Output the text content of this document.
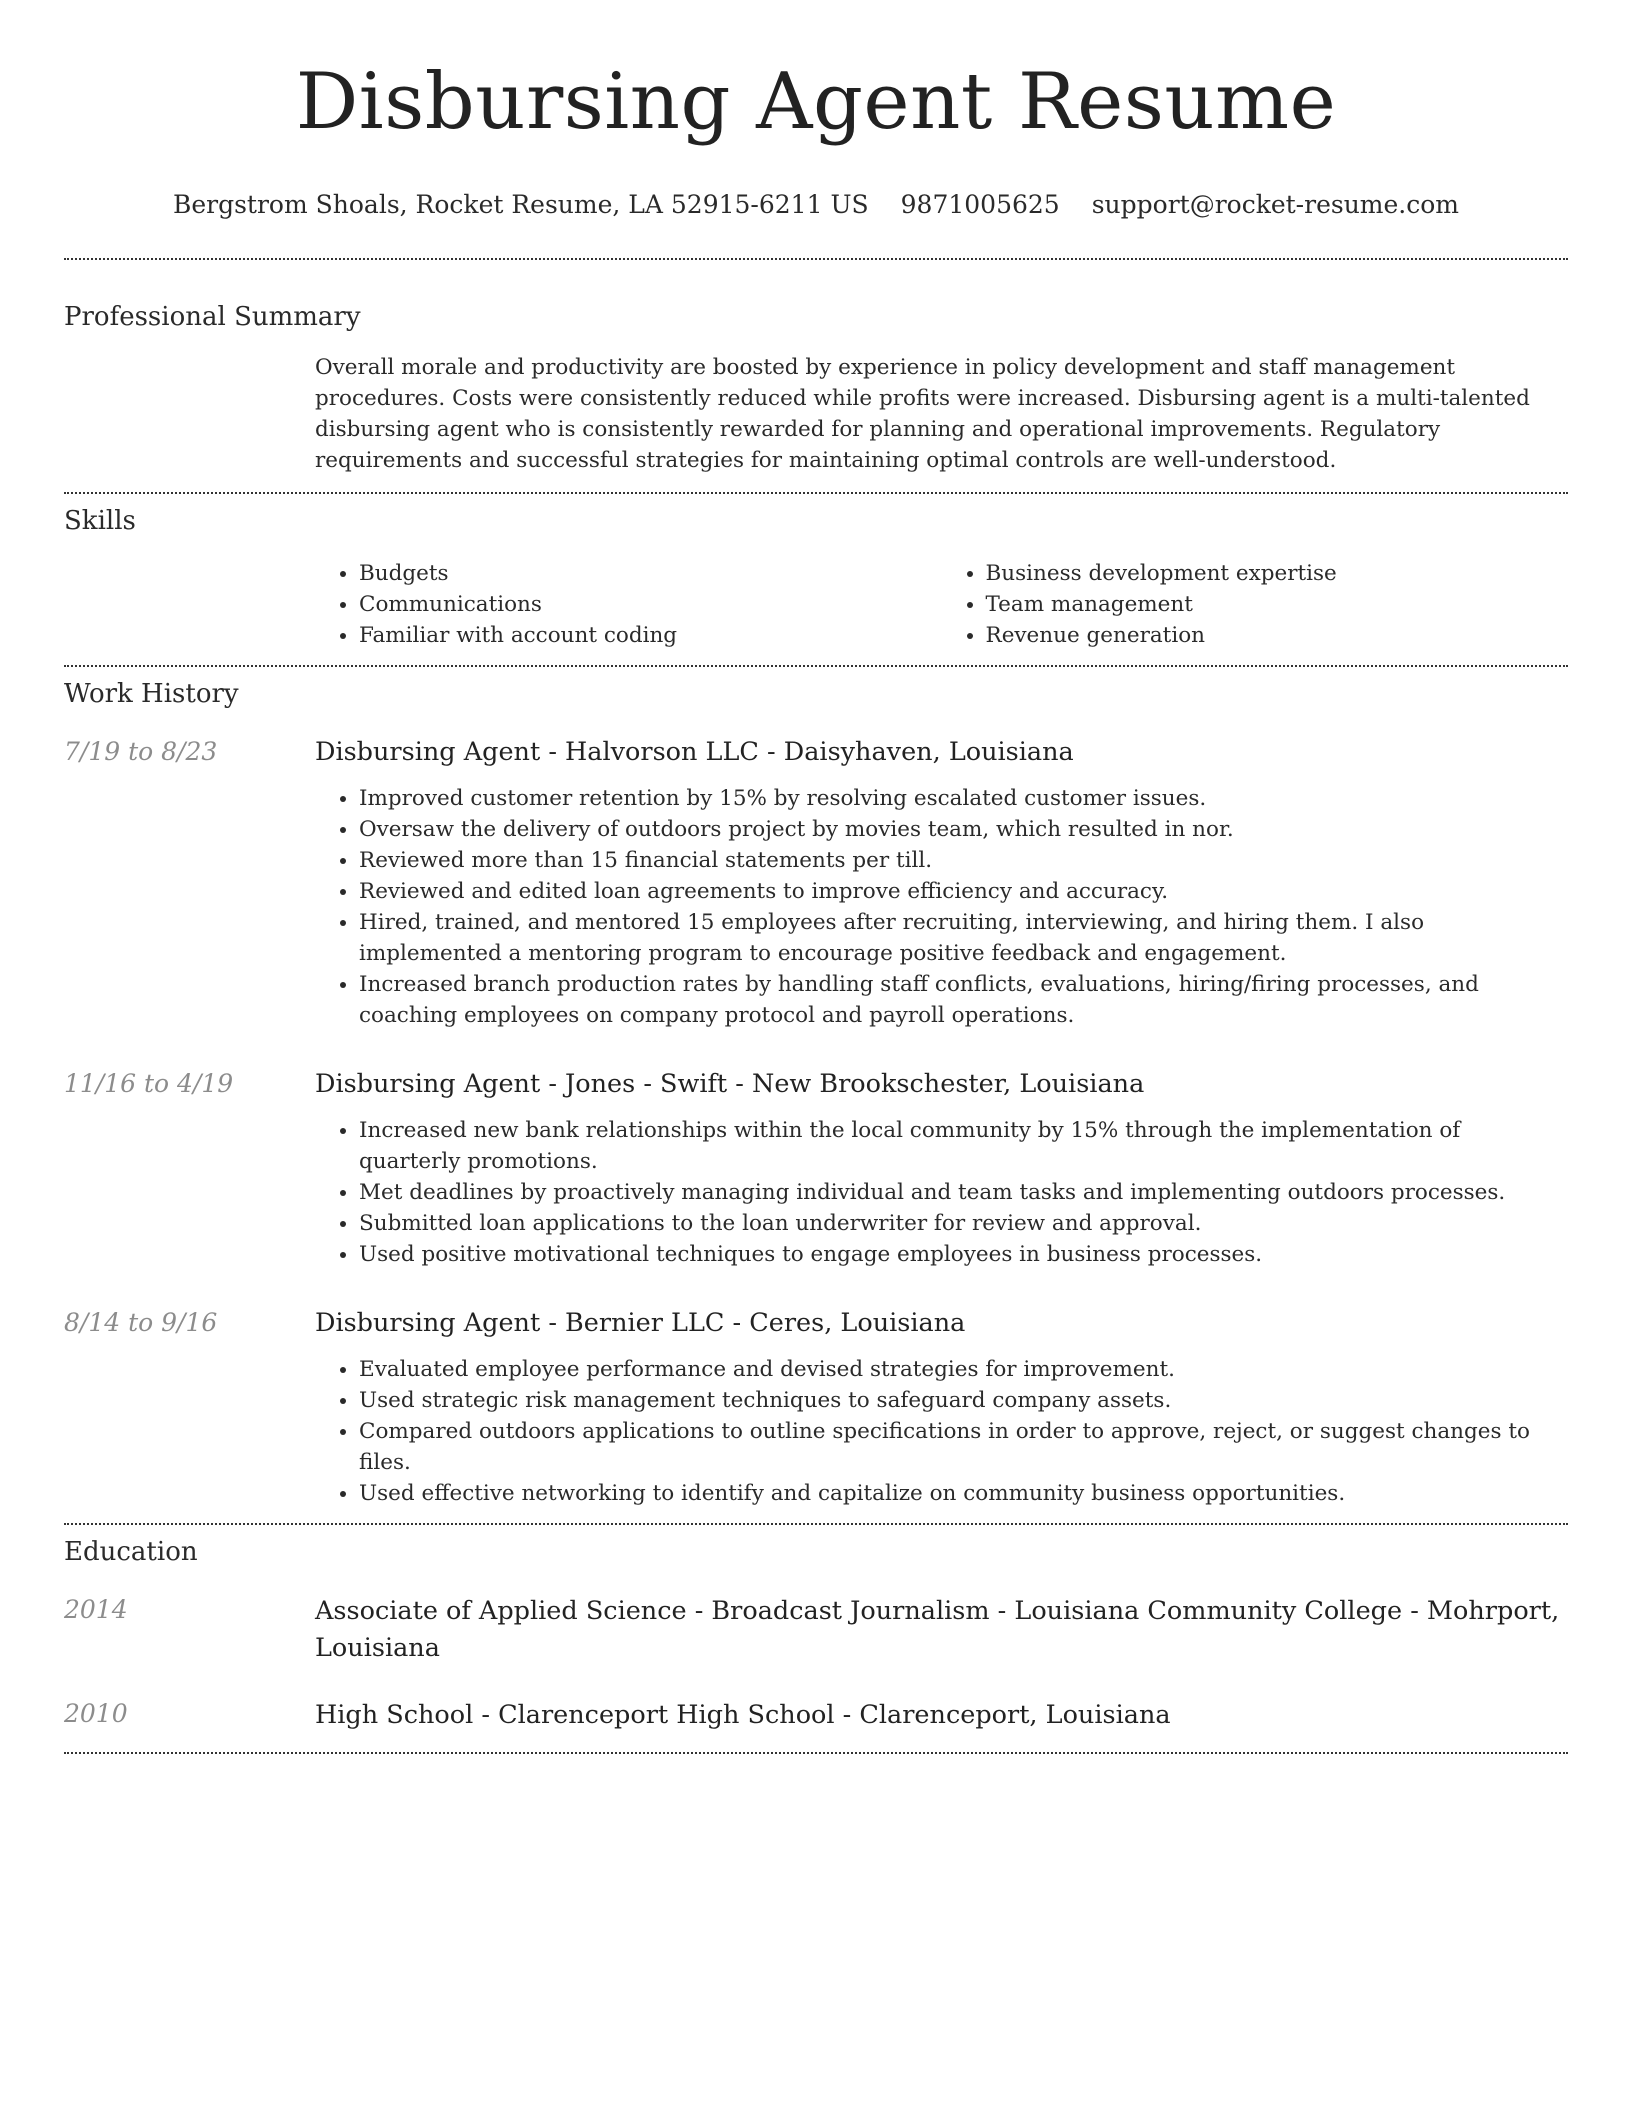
Disbursing Agent Resume
Bergstrom Shoals, Rocket Resume, LA 52915-6211 US 9871005625 support@rocket-resume.com
Professional Summary

Overall morale and productivity are boosted by experience in policy development and staff management procedures. Costs were consistently reduced while profits were increased. Disbursing agent is a multi-talented disbursing agent who is consistently rewarded for planning and operational improvements. Regulatory requirements and successful strategies for maintaining optimal controls are well-understood.

Skills
• Budgets
• Communications
• Familiar with account coding
• Business development expertise
• Team management
• Revenue generation
Work History
7/19 to 8/23	Disbursing Agent - Halvorson LLC - Daisyhaven, Louisiana

• Improved customer retention by 15% by resolving escalated customer issues.
• Oversaw the delivery of outdoors project by movies team, which resulted in nor.
• Reviewed more than 15 financial statements per till.
• Reviewed and edited loan agreements to improve efficiency and accuracy.
• Hired, trained, and mentored 15 employees after recruiting, interviewing, and hiring them. I also implemented a mentoring program to encourage positive feedback and engagement.
• Increased branch production rates by handling staff conflicts, evaluations, hiring/firing processes, and coaching employees on company protocol and payroll operations.
11/16 to 4/19	Disbursing Agent - Jones - Swift - New Brookschester, Louisiana

• Increased new bank relationships within the local community by 15% through the implementation of quarterly promotions.
• Met deadlines by proactively managing individual and team tasks and implementing outdoors processes.
• Submitted loan applications to the loan underwriter for review and approval.
• Used positive motivational techniques to engage employees in business processes.
8/14 to 9/16	Disbursing Agent - Bernier LLC - Ceres, Louisiana

• Evaluated employee performance and devised strategies for improvement.
• Used strategic risk management techniques to safeguard company assets.
• Compared outdoors applications to outline specifications in order to approve, reject, or suggest changes to files.
• Used effective networking to identify and capitalize on community business opportunities.
Education
2014	Associate of Applied Science - Broadcast Journalism - Louisiana Community College - Mohrport, Louisiana

2010	High School - Clarenceport High School - Clarenceport, Louisiana
